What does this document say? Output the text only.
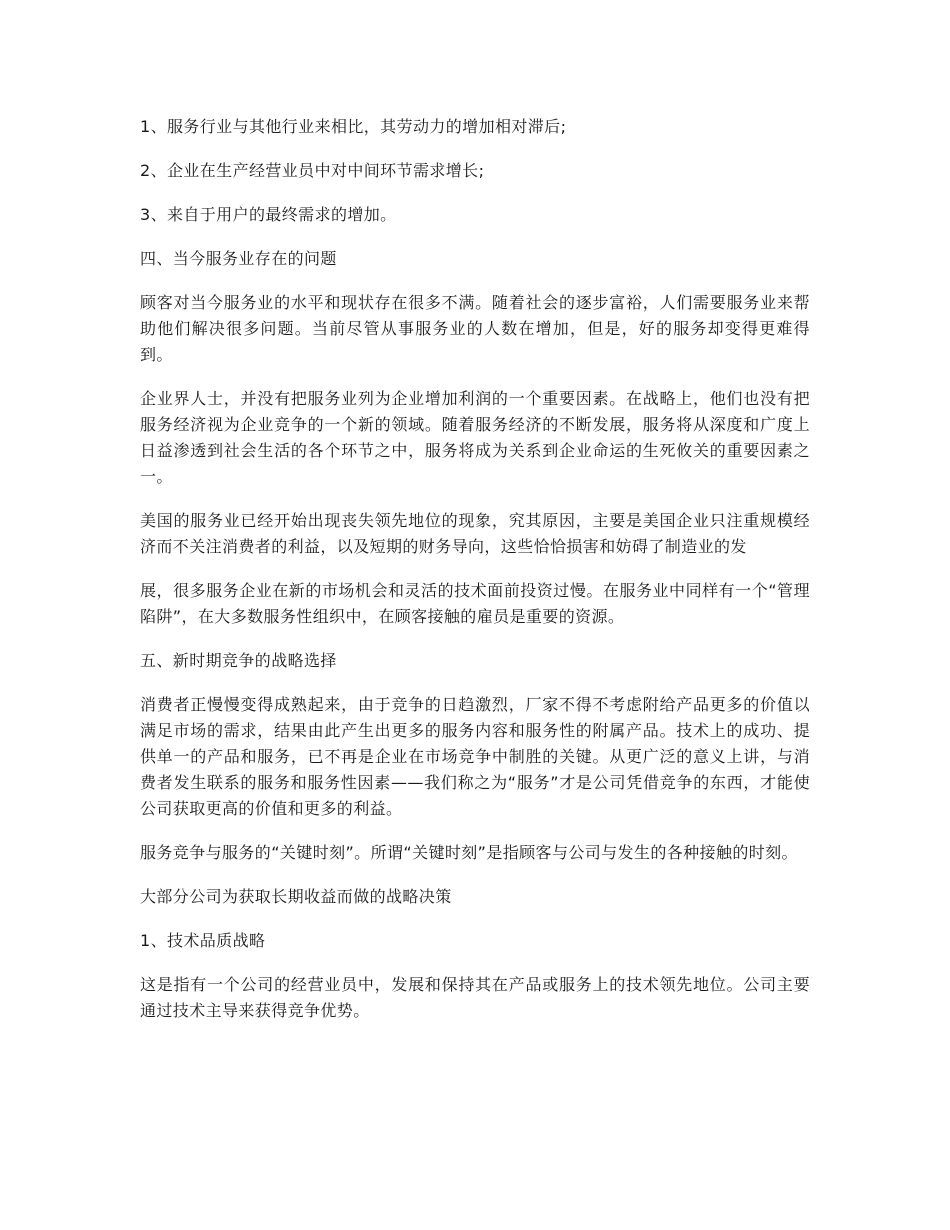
1、服务行业与其他行业来相比，其劳动力的增加相对滞后;

2、企业在生产经营业员中对中间环节需求增长;

3、来自于用户的最终需求的增加。

四、当今服务业存在的问题

顾客对当今服务业的水平和现状存在很多不满。随着社会的逐步富裕，人们需要服务业来帮助他们解决很多问题。当前尽管从事服务业的人数在增加，但是，好的服务却变得更难得到。

企业界人士，并没有把服务业列为企业增加利润的一个重要因素。在战略上，他们也没有把服务经济视为企业竞争的一个新的领域。随着服务经济的不断发展，服务将从深度和广度上日益渗透到社会生活的各个环节之中，服务将成为关系到企业命运的生死攸关的重要因素之一。

美国的服务业已经开始出现丧失领先地位的现象，究其原因，主要是美国企业只注重规模经济而不关注消费者的利益，以及短期的财务导向，这些恰恰损害和妨碍了制造业的发

展，很多服务企业在新的市场机会和灵活的技术面前投资过慢。在服务业中同样有一个“管理陷阱”，在大多数服务性组织中，在顾客接触的雇员是重要的资源。

五、新时期竞争的战略选择

消费者正慢慢变得成熟起来，由于竞争的日趋激烈，厂家不得不考虑附给产品更多的价值以满足市场的需求，结果由此产生出更多的服务内容和服务性的附属产品。技术上的成功、提供单一的产品和服务，已不再是企业在市场竞争中制胜的关键。从更广泛的意义上讲，与消费者发生联系的服务和服务性因素——我们称之为“服务”才是公司凭借竞争的东西，才能使公司获取更高的价值和更多的利益。

服务竞争与服务的“关键时刻”。所谓“关键时刻”是指顾客与公司与发生的各种接触的时刻。

大部分公司为获取长期收益而做的战略决策

1、技术品质战略

这是指有一个公司的经营业员中，发展和保持其在产品或服务上的技术领先地位。公司主要通过技术主导来获得竞争优势。
